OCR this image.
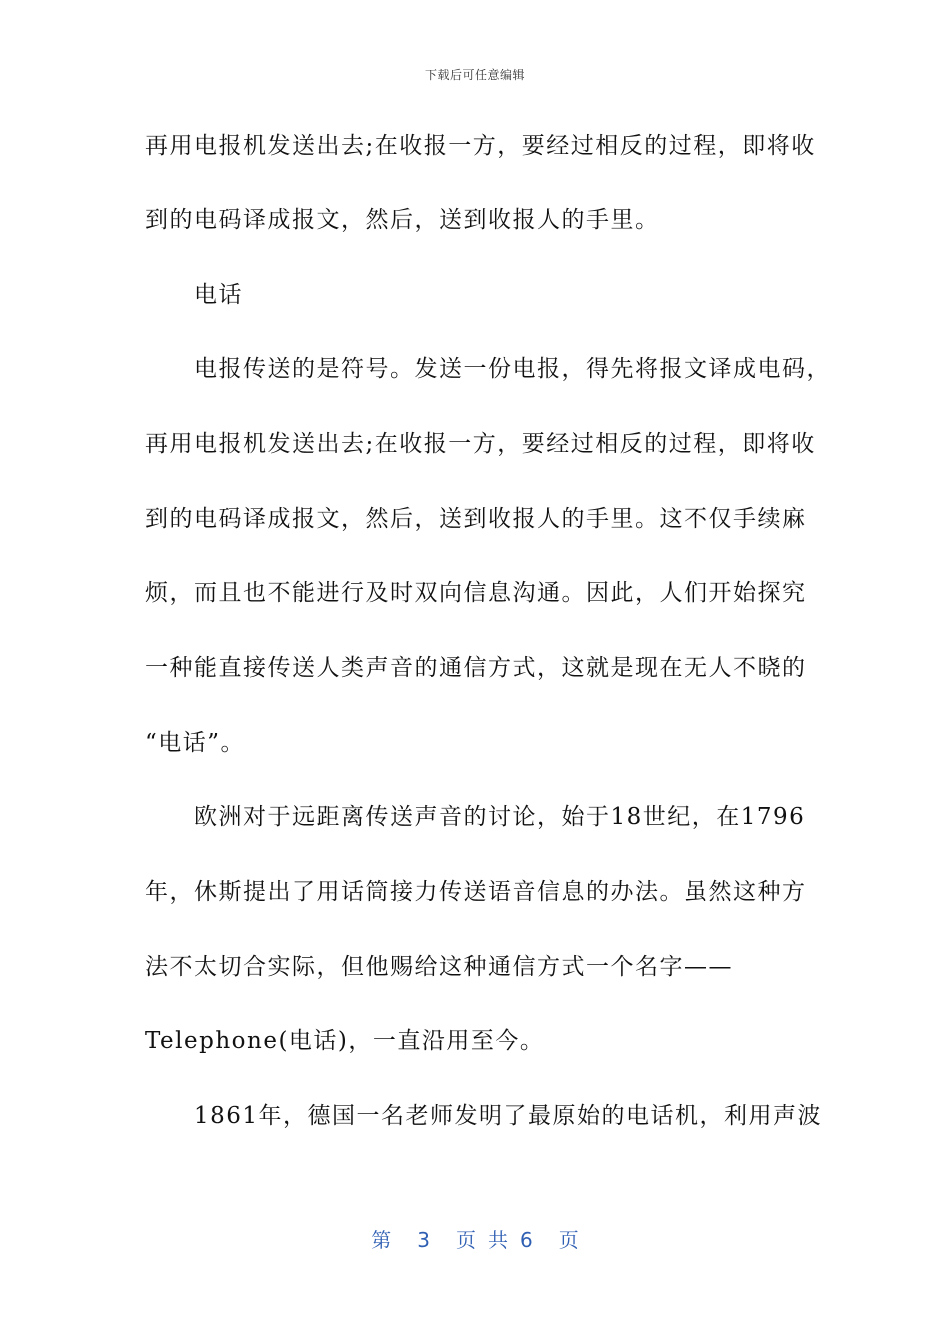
下载后可任意编辑
再用电报机发送出去;在收报一方，要经过相反的过程，即将收
到的电码译成报文，然后，送到收报人的手里。
电话
电报传送的是符号。发送一份电报，得先将报文译成电码，
再用电报机发送出去;在收报一方，要经过相反的过程，即将收
到的电码译成报文，然后，送到收报人的手里。这不仅手续麻
烦，而且也不能进行及时双向信息沟通。因此，人们开始探究
一种能直接传送人类声音的通信方式，这就是现在无人不晓的
“电话”。
欧洲对于远距离传送声音的讨论，始于18世纪，在1796
年，休斯提出了用话筒接力传送语音信息的办法。虽然这种方
法不太切合实际，但他赐给这种通信方式一个名字——
Telephone(电话)，一直沿用至今。
1861年，德国一名老师发明了最原始的电话机，利用声波
第 3 页 共 6 页
